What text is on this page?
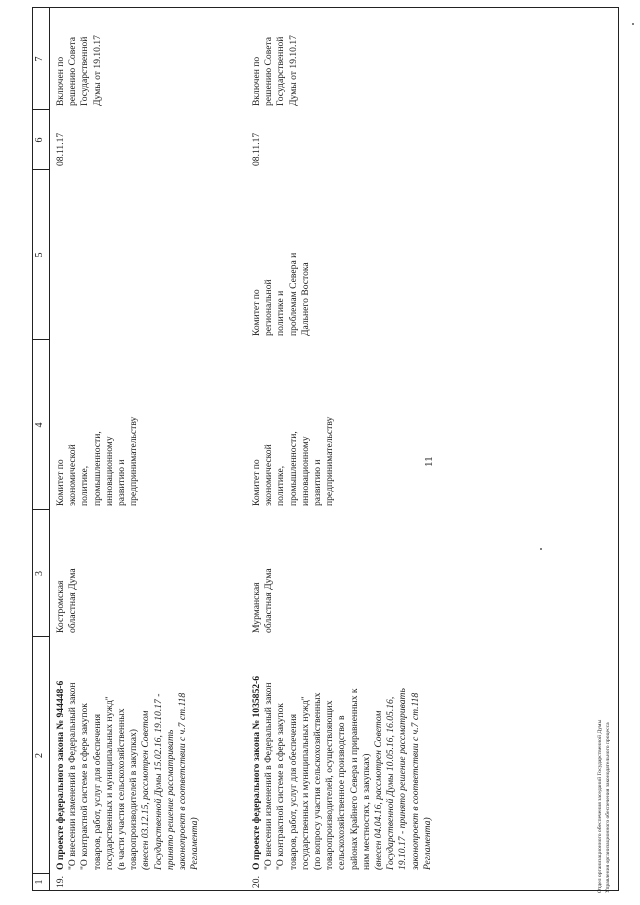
11
1
2
3
4
5
6
7
19.
О проекте федерального закона № 944448-6 "О внесении изменений в Федеральный закон "О контрактной системе в сфере закупок товаров, работ, услуг для обеспечения государственных и муниципальных нужд" (в части участия сельскохозяйственных товаропроизводителей в закупках) (внесен 03.12.15, рассмотрен Советом Государственной Думы 15.02.16, 19.10.17 - принято решение рассматривать законопроект в соответствии с ч.7 ст.118 Регламента)
Костромская областная Дума
Комитет по экономической политике, промышленности, инновационному развитию и предпринимательству
08.11.17
Включен по решению Совета Государственной Думы от 19.10.17
20.
О проекте федерального закона № 1035852-6 "О внесении изменений в Федеральный закон "О контрактной системе в сфере закупок товаров, работ, услуг для обеспечения государственных и муниципальных нужд" (по вопросу участия сельскохозяйственных товаропроизводителей, осуществляющих сельскохозяйственное производство в районах Крайнего Севера и приравненных к ним местностях, в закупках) (внесен 04.04.16, рассмотрен Советом Государственной Думы 10.05.16, 16.05.16, 19.10.17 - принято решение рассматривать законопроект в соответствии с ч.7 ст.118 Регламента)
Мурманская областная Дума
Комитет по экономической политике, промышленности, инновационному развитию и предпринимательству
Комитет по региональной политике и проблемам Севера и Дальнего Востока
08.11.17
Включен по решению Совета Государственной Думы от 19.10.17
Отдел организационного обеспечения заседаний Государственной Думы Управления организационного обеспечения законодательного процесса
